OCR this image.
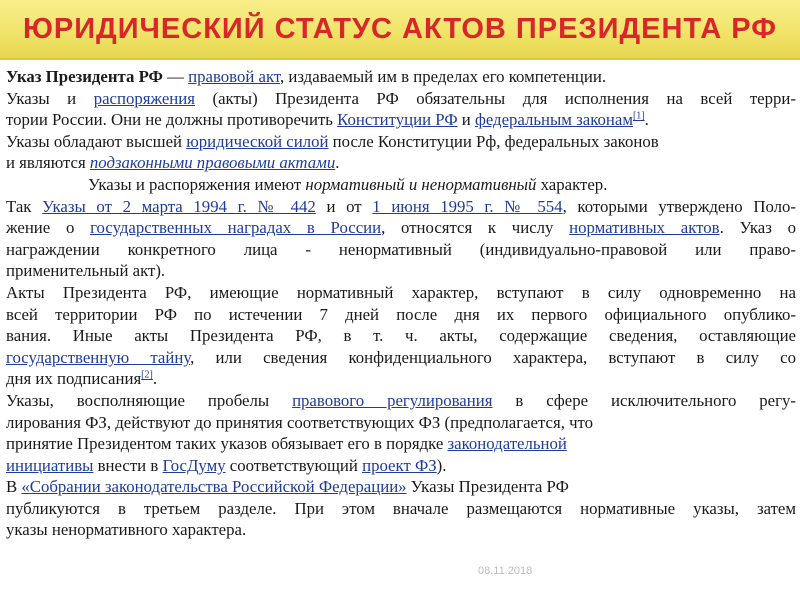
ЮРИДИЧЕСКИЙ СТАТУС АКТОВ ПРЕЗИДЕНТА РФ
Указ Президента РФ — правовой акт, издаваемый им в пределах его компетенции.
Указы и распоряжения (акты) Президента РФ обязательны для исполнения на всей терри-
тории России. Они не должны противоречить Конституции РФ и федеральным законам[1].
Указы обладают высшей юридической силой после Конституции Рф, федеральных законов
и являются подзаконными правовыми актами.
Указы и распоряжения имеют нормативный и ненормативный характер.
Так Указы от 2 марта 1994 г. № 442 и от 1 июня 1995 г. № 554, которыми утверждено Поло-
жение о государственных наградах в России, относятся к числу нормативных актов. Указ о
награждении конкретного лица - ненормативный (индивидуально-правовой или право-
применительный акт).
Акты Президента РФ, имеющие нормативный характер, вступают в силу одновременно на
всей территории РФ по истечении 7 дней после дня их первого официального опублико-
вания. Иные акты Президента РФ, в т. ч. акты, содержащие сведения, оставляющие
государственную тайну, или сведения конфиденциального характера, вступают в силу со
дня их подписания[2].
Указы, восполняющие пробелы правового регулирования в сфере исключительного регу-
лирования ФЗ, действуют до принятия соответствующих ФЗ (предполагается, что
принятие Президентом таких указов обязывает его в порядке законодательной
инициативы внести в ГосДуму соответствующий проект ФЗ).
В «Собрании законодательства Российской Федерации» Указы Президента РФ
публикуются в третьем разделе. При этом вначале размещаются нормативные указы, затем
указы ненормативного характера.
08.11.2018
